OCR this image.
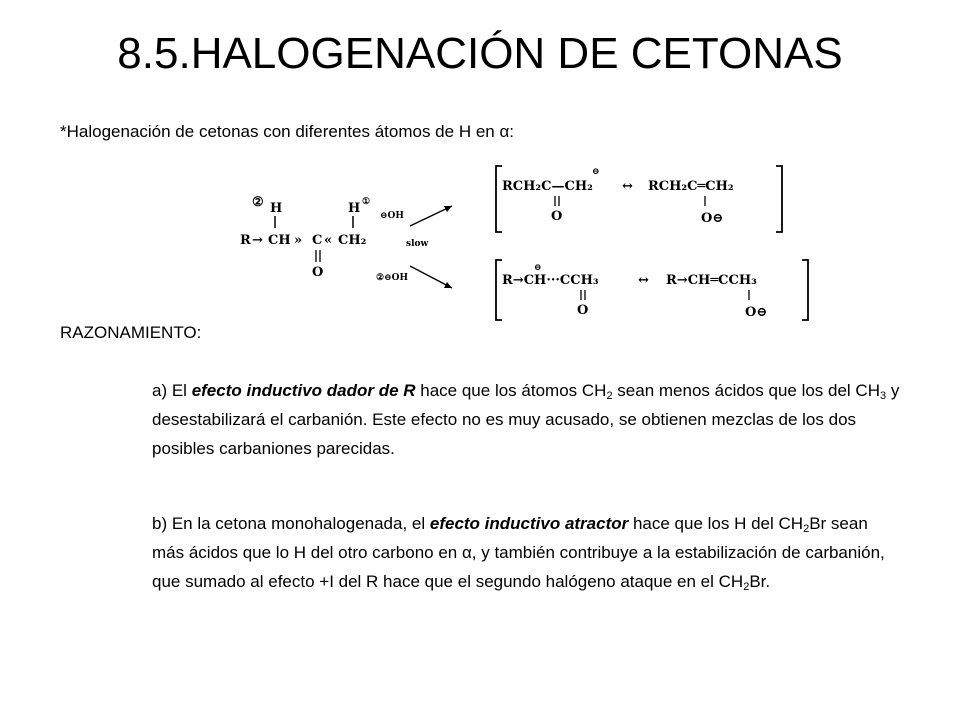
8.5.HALOGENACIÓN DE CETONAS
*Halogenación de cetonas con diferentes átomos de H en α:
② H	H ①
R → CH » C « CH₂
O
⊖OH
slow
②⊖OH
⊖
RCH₂C—CH₂
O
↔ RCH₂C═CH₂
O⊖
⊖
R→CH···CCH₃
O
↔ R→CH═CCH₃
O⊖

RAZONAMIENTO:

a) El efecto inductivo dador de R hace que los átomos $CH_2$ sean menos ácidos que los del $CH_3$ y desestabilizará el carbanión. Este efecto no es muy acusado, se obtienen mezclas de los dos posibles carbaniones parecidas.

b) En la cetona monohalogenada, el efecto inductivo atractor hace que los H del $CH_2Br$ sean más ácidos que lo H del otro carbono en α, y también contribuye a la estabilización de carbanión, que sumado al efecto +I del R hace que el segundo halógeno ataque en el $CH_2Br$.
